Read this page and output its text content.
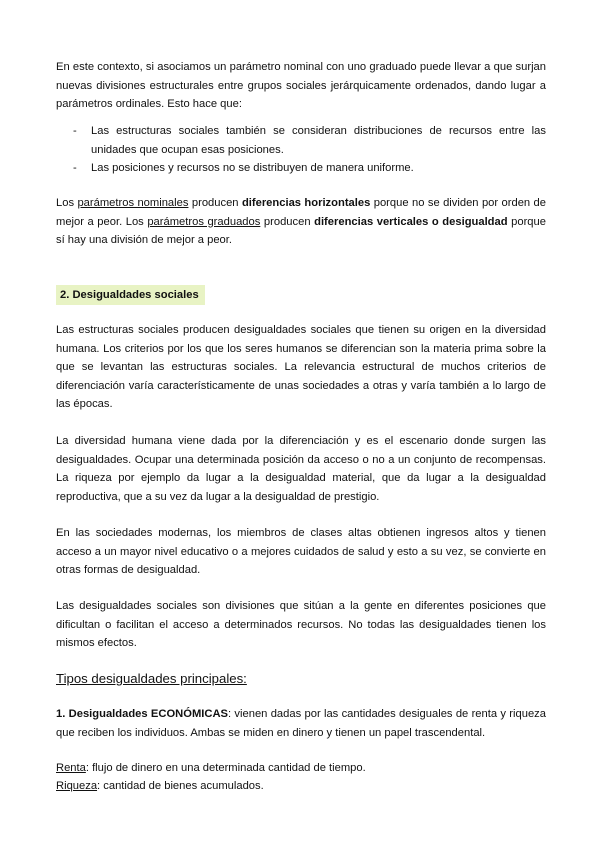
En este contexto, si asociamos un parámetro nominal con uno graduado puede llevar a que surjan nuevas divisiones estructurales entre grupos sociales jerárquicamente ordenados, dando lugar a parámetros ordinales. Esto hace que:

- Las estructuras sociales también se consideran distribuciones de recursos entre las unidades que ocupan esas posiciones.
- Las posiciones y recursos no se distribuyen de manera uniforme.

Los parámetros nominales producen diferencias horizontales porque no se dividen por orden de mejor a peor. Los parámetros graduados producen diferencias verticales o desigualdad porque sí hay una división de mejor a peor.

2. Desigualdades sociales

Las estructuras sociales producen desigualdades sociales que tienen su origen en la diversidad humana. Los criterios por los que los seres humanos se diferencian son la materia prima sobre la que se levantan las estructuras sociales. La relevancia estructural de muchos criterios de diferenciación varía característicamente de unas sociedades a otras y varía también a lo largo de las épocas.

La diversidad humana viene dada por la diferenciación y es el escenario donde surgen las desigualdades. Ocupar una determinada posición da acceso o no a un conjunto de recompensas. La riqueza por ejemplo da lugar a la desigualdad material, que da lugar a la desigualdad reproductiva, que a su vez da lugar a la desigualdad de prestigio.

En las sociedades modernas, los miembros de clases altas obtienen ingresos altos y tienen acceso a un mayor nivel educativo o a mejores cuidados de salud y esto a su vez, se convierte en otras formas de desigualdad.

Las desigualdades sociales son divisiones que sitúan a la gente en diferentes posiciones que dificultan o facilitan el acceso a determinados recursos. No todas las desigualdades tienen los mismos efectos.

Tipos desigualdades principales:

1. Desigualdades ECONÓMICAS: vienen dadas por las cantidades desiguales de renta y riqueza que reciben los individuos. Ambas se miden en dinero y tienen un papel trascendental.

Renta: flujo de dinero en una determinada cantidad de tiempo.

Riqueza: cantidad de bienes acumulados.
